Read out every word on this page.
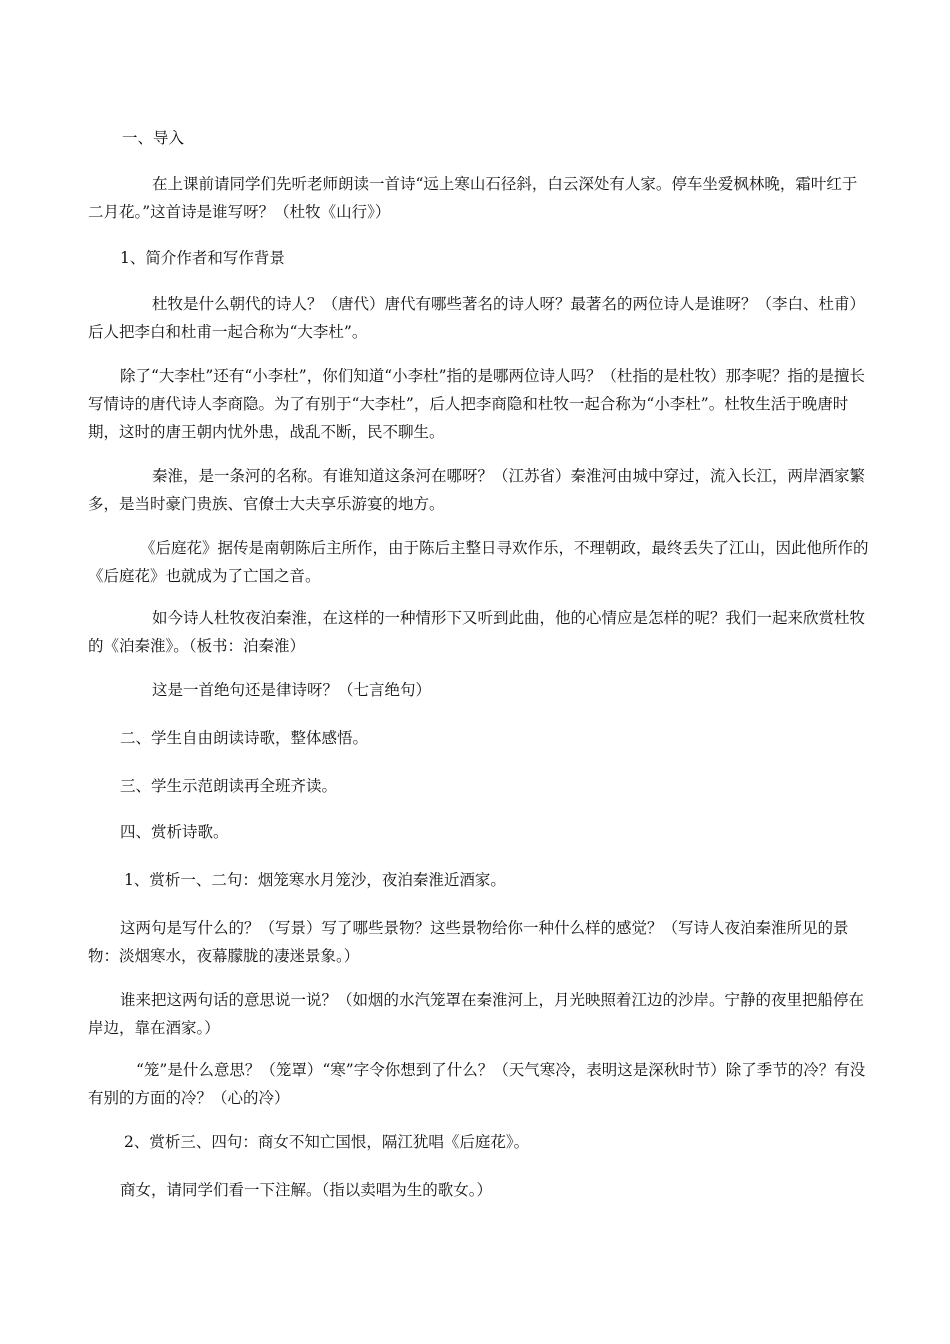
一、导入

在上课前请同学们先听老师朗读一首诗“远上寒山石径斜，白云深处有人家。停车坐爱枫林晚，霜叶红于二月花。”这首诗是谁写呀？（杜牧《山行》）

1、简介作者和写作背景

杜牧是什么朝代的诗人？（唐代）唐代有哪些著名的诗人呀？最著名的两位诗人是谁呀？（李白、杜甫）后人把李白和杜甫一起合称为“大李杜”。

除了“大李杜”还有“小李杜”，你们知道“小李杜”指的是哪两位诗人吗？（杜指的是杜牧）那李呢？指的是擅长写情诗的唐代诗人李商隐。为了有别于“大李杜”，后人把李商隐和杜牧一起合称为“小李杜”。杜牧生活于晚唐时期，这时的唐王朝内忧外患，战乱不断，民不聊生。

秦淮，是一条河的名称。有谁知道这条河在哪呀？（江苏省）秦淮河由城中穿过，流入长江，两岸酒家繁多，是当时豪门贵族、官僚士大夫享乐游宴的地方。

《后庭花》据传是南朝陈后主所作，由于陈后主整日寻欢作乐，不理朝政，最终丢失了江山，因此他所作的《后庭花》也就成为了亡国之音。

如今诗人杜牧夜泊秦淮，在这样的一种情形下又听到此曲，他的心情应是怎样的呢？我们一起来欣赏杜牧的《泊秦淮》。（板书：泊秦淮）

这是一首绝句还是律诗呀？（七言绝句）

二、学生自由朗读诗歌，整体感悟。

三、学生示范朗读再全班齐读。

四、赏析诗歌。

1、赏析一、二句：烟笼寒水月笼沙，夜泊秦淮近酒家。

这两句是写什么的？（写景）写了哪些景物？这些景物给你一种什么样的感觉？（写诗人夜泊秦淮所见的景物：淡烟寒水，夜幕朦胧的凄迷景象。）

谁来把这两句话的意思说一说？（如烟的水汽笼罩在秦淮河上，月光映照着江边的沙岸。宁静的夜里把船停在岸边，靠在酒家。）

“笼”是什么意思？（笼罩）“寒”字令你想到了什么？（天气寒冷，表明这是深秋时节）除了季节的冷？有没有别的方面的冷？（心的冷）

2、赏析三、四句：商女不知亡国恨，隔江犹唱《后庭花》。

商女，请同学们看一下注解。（指以卖唱为生的歌女。）
